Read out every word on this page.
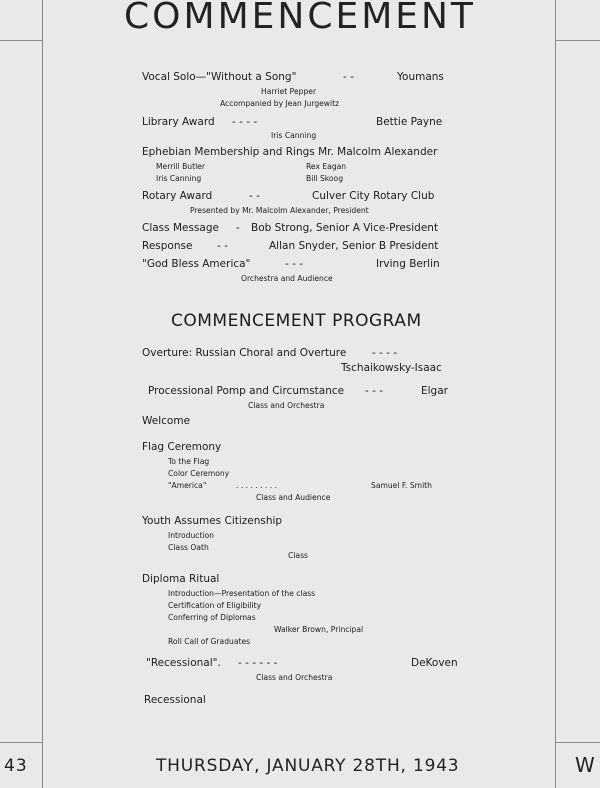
COMMENCEMENT
Vocal Solo—"Without a Song"	- -	Youmans
Harriet Pepper
Accompanied by Jean Jurgewitz
Library Award - - - -	Bettie Payne
Iris Canning
Ephebian Membership and Rings Mr. Malcolm Alexander
Merrill Butler	Rex Eagan
Iris Canning	Bill Skoog
Rotary Award	- -	Culver City Rotary Club
Presented by Mr. Malcolm Alexander, President
Class Message - Bob Strong, Senior A Vice-President
Response - -	Allan Snyder, Senior B President
"God Bless America"	- - -	Irving Berlin
Orchestra and Audience
COMMENCEMENT PROGRAM
Overture: Russian Choral and Overture - - - -
Tschaikowsky-Isaac
Processional Pomp and Circumstance - - -	Elgar
Class and Orchestra
Welcome
Flag Ceremony
To the Flag
Color Ceremony
"America"	. . . . . . . . .	Samuel F. Smith
Class and Audience
Youth Assumes Citizenship
Introduction
Class Oath
Class
Diploma Ritual
Introduction—Presentation of the class
Certification of Eligibility
Conferring of Diplomas
Walker Brown, Principal
Roll Call of Graduates
"Recessional". - - - - - -	DeKoven
Class and Orchestra
Recessional
43	THURSDAY, JANUARY 28TH, 1943	W
